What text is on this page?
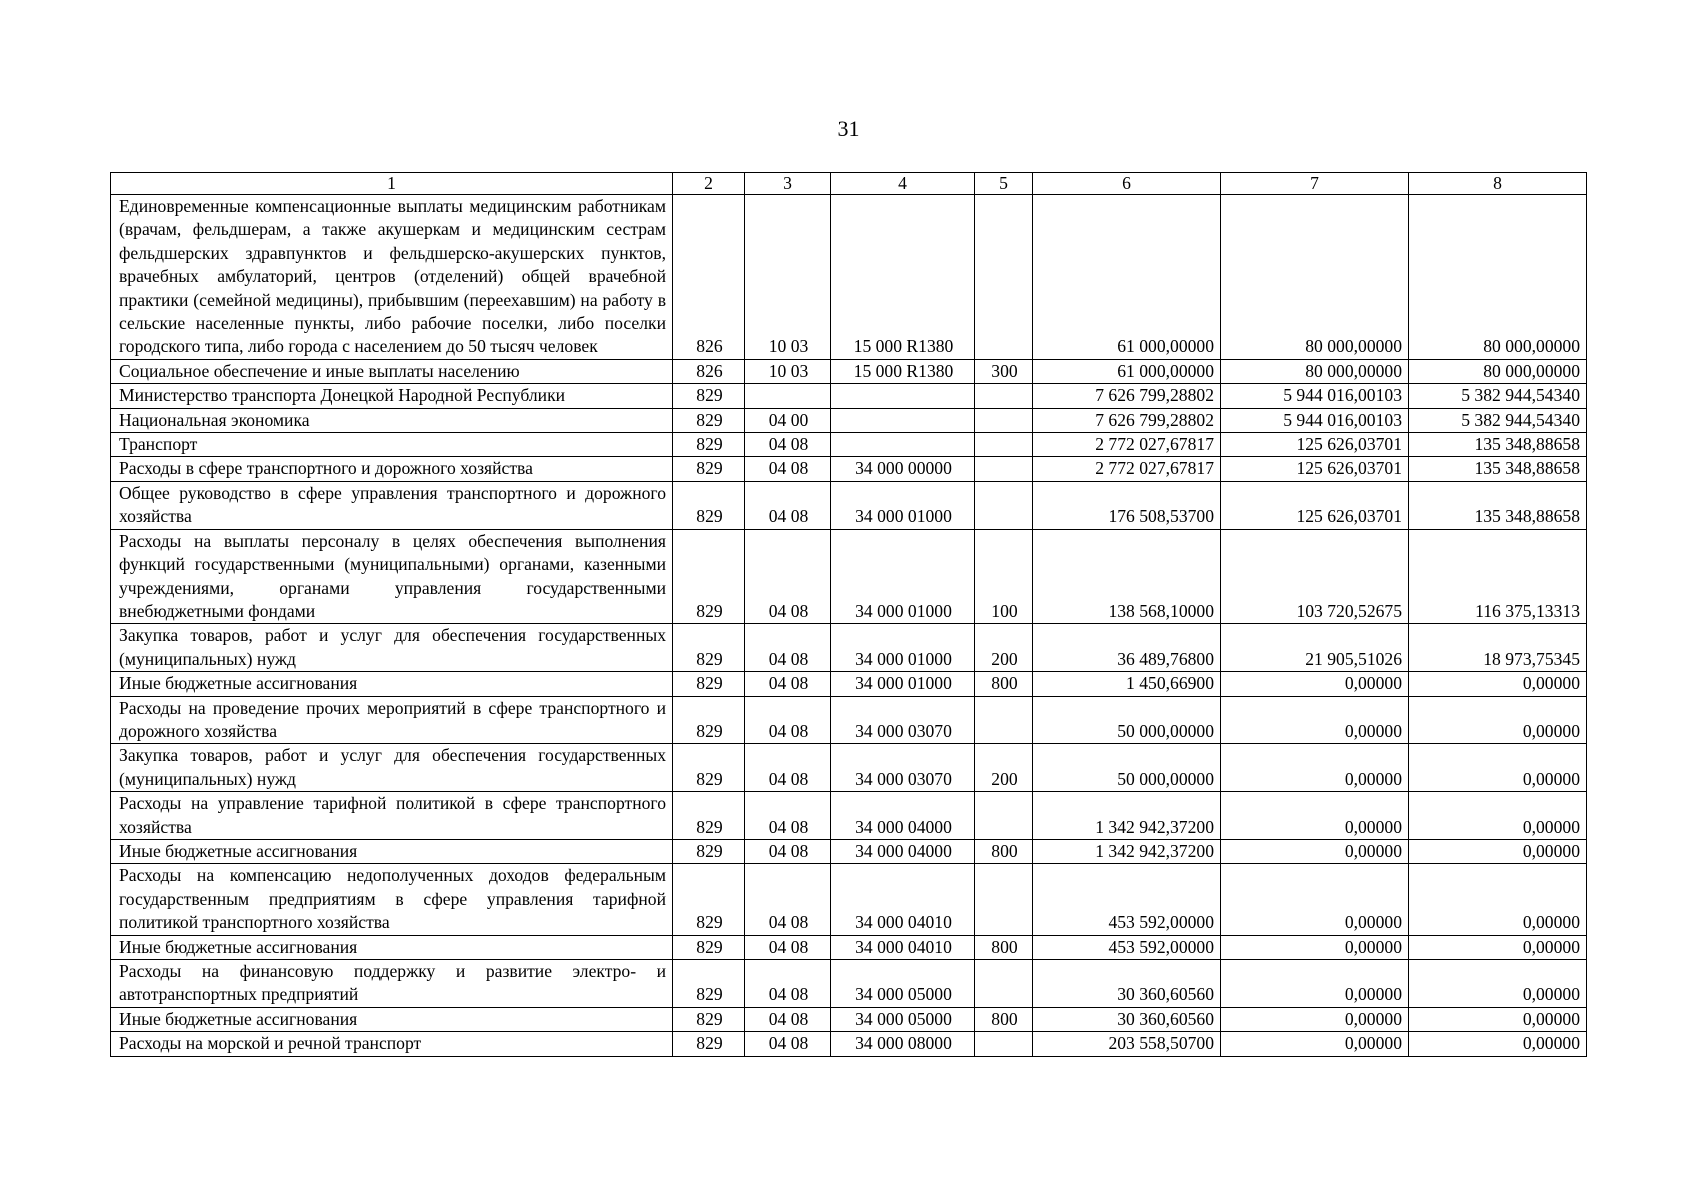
31
1	2	3	4	5	6	7	8
Единовременные компенсационные выплаты медицинским работникам (врачам, фельдшерам, а также акушеркам и медицинским сестрам фельдшерских здравпунктов и фельдшерско-акушерских пунктов, врачебных амбулаторий, центров (отделений) общей врачебной практики (семейной медицины), прибывшим (переехавшим) на работу в сельские населенные пункты, либо рабочие поселки, либо поселки городского типа, либо города с населением до 50 тысяч человек	826	10 03	15 000 R1380		61 000,00000	80 000,00000	80 000,00000
Социальное обеспечение и иные выплаты населению	826	10 03	15 000 R1380	300	61 000,00000	80 000,00000	80 000,00000
Министерство транспорта Донецкой Народной Республики	829				7 626 799,28802	5 944 016,00103	5 382 944,54340
Национальная экономика	829	04 00			7 626 799,28802	5 944 016,00103	5 382 944,54340
Транспорт	829	04 08			2 772 027,67817	125 626,03701	135 348,88658
Расходы в сфере транспортного и дорожного хозяйства	829	04 08	34 000 00000		2 772 027,67817	125 626,03701	135 348,88658
Общее руководство в сфере управления транспортного и дорожного хозяйства	829	04 08	34 000 01000		176 508,53700	125 626,03701	135 348,88658
Расходы на выплаты персоналу в целях обеспечения выполнения функций государственными (муниципальными) органами, казенными учреждениями, органами управления государственными внебюджетными фондами	829	04 08	34 000 01000	100	138 568,10000	103 720,52675	116 375,13313
Закупка товаров, работ и услуг для обеспечения государственных (муниципальных) нужд	829	04 08	34 000 01000	200	36 489,76800	21 905,51026	18 973,75345
Иные бюджетные ассигнования	829	04 08	34 000 01000	800	1 450,66900	0,00000	0,00000
Расходы на проведение прочих мероприятий в сфере транспортного и дорожного хозяйства	829	04 08	34 000 03070		50 000,00000	0,00000	0,00000
Закупка товаров, работ и услуг для обеспечения государственных (муниципальных) нужд	829	04 08	34 000 03070	200	50 000,00000	0,00000	0,00000
Расходы на управление тарифной политикой в сфере транспортного хозяйства	829	04 08	34 000 04000		1 342 942,37200	0,00000	0,00000
Иные бюджетные ассигнования	829	04 08	34 000 04000	800	1 342 942,37200	0,00000	0,00000
Расходы на компенсацию недополученных доходов федеральным государственным предприятиям в сфере управления тарифной политикой транспортного хозяйства	829	04 08	34 000 04010		453 592,00000	0,00000	0,00000
Иные бюджетные ассигнования	829	04 08	34 000 04010	800	453 592,00000	0,00000	0,00000
Расходы на финансовую поддержку и развитие электро- и автотранспортных предприятий	829	04 08	34 000 05000		30 360,60560	0,00000	0,00000
Иные бюджетные ассигнования	829	04 08	34 000 05000	800	30 360,60560	0,00000	0,00000
Расходы на морской и речной транспорт	829	04 08	34 000 08000		203 558,50700	0,00000	0,00000
